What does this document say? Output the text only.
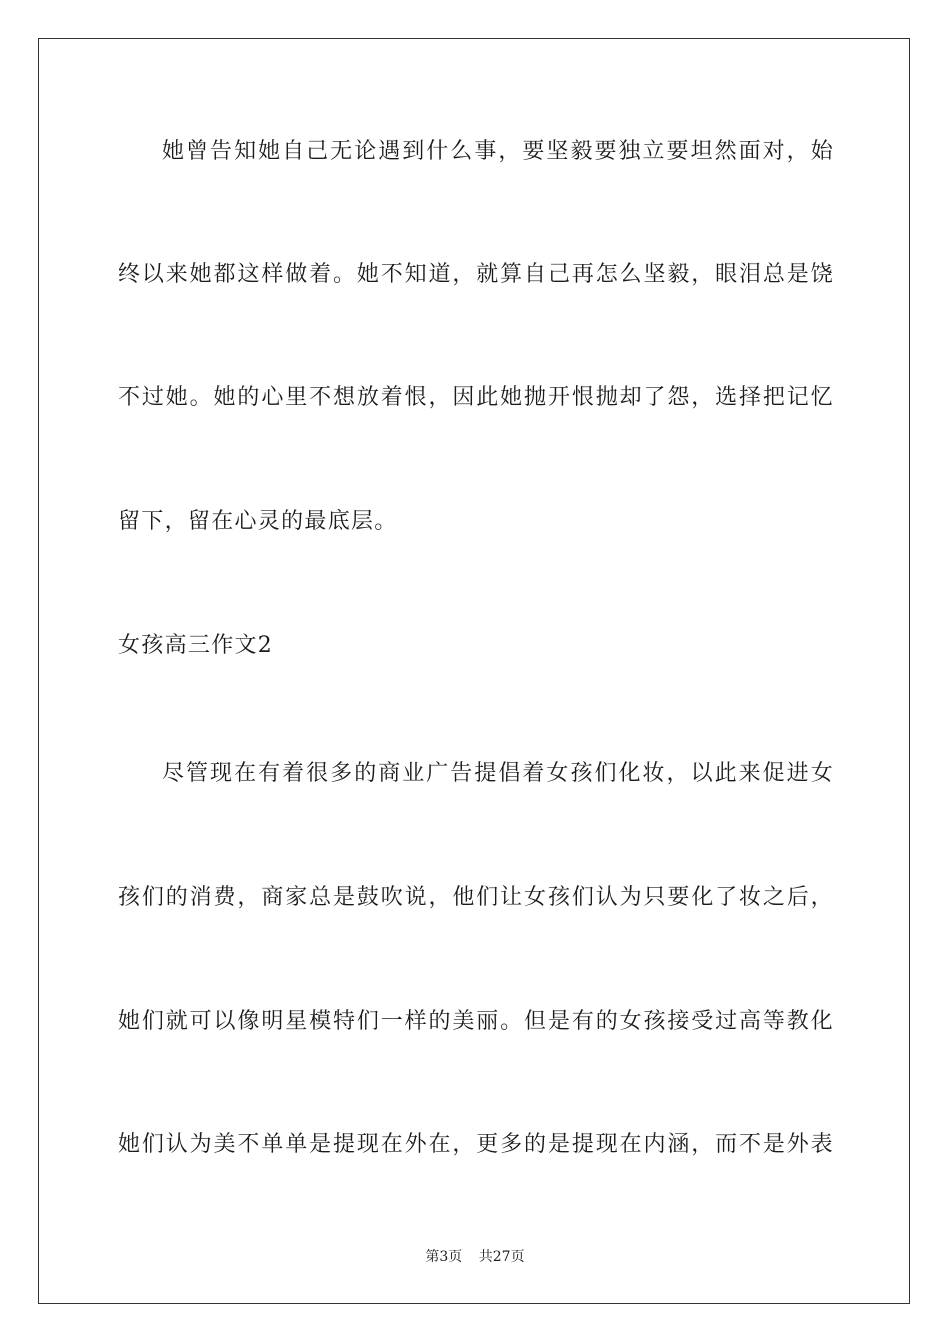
她曾告知她自己无论遇到什么事，要坚毅要独立要坦然面对，始
终以来她都这样做着。她不知道，就算自己再怎么坚毅，眼泪总是饶
不过她。她的心里不想放着恨，因此她抛开恨抛却了怨，选择把记忆
留下，留在心灵的最底层。
女孩高三作文2
尽管现在有着很多的商业广告提倡着女孩们化妆，以此来促进女
孩们的消费，商家总是鼓吹说，他们让女孩们认为只要化了妆之后，
她们就可以像明星模特们一样的美丽。但是有的女孩接受过高等教化
她们认为美不单单是提现在外在，更多的是提现在内涵，而不是外表
第3页 共27页
